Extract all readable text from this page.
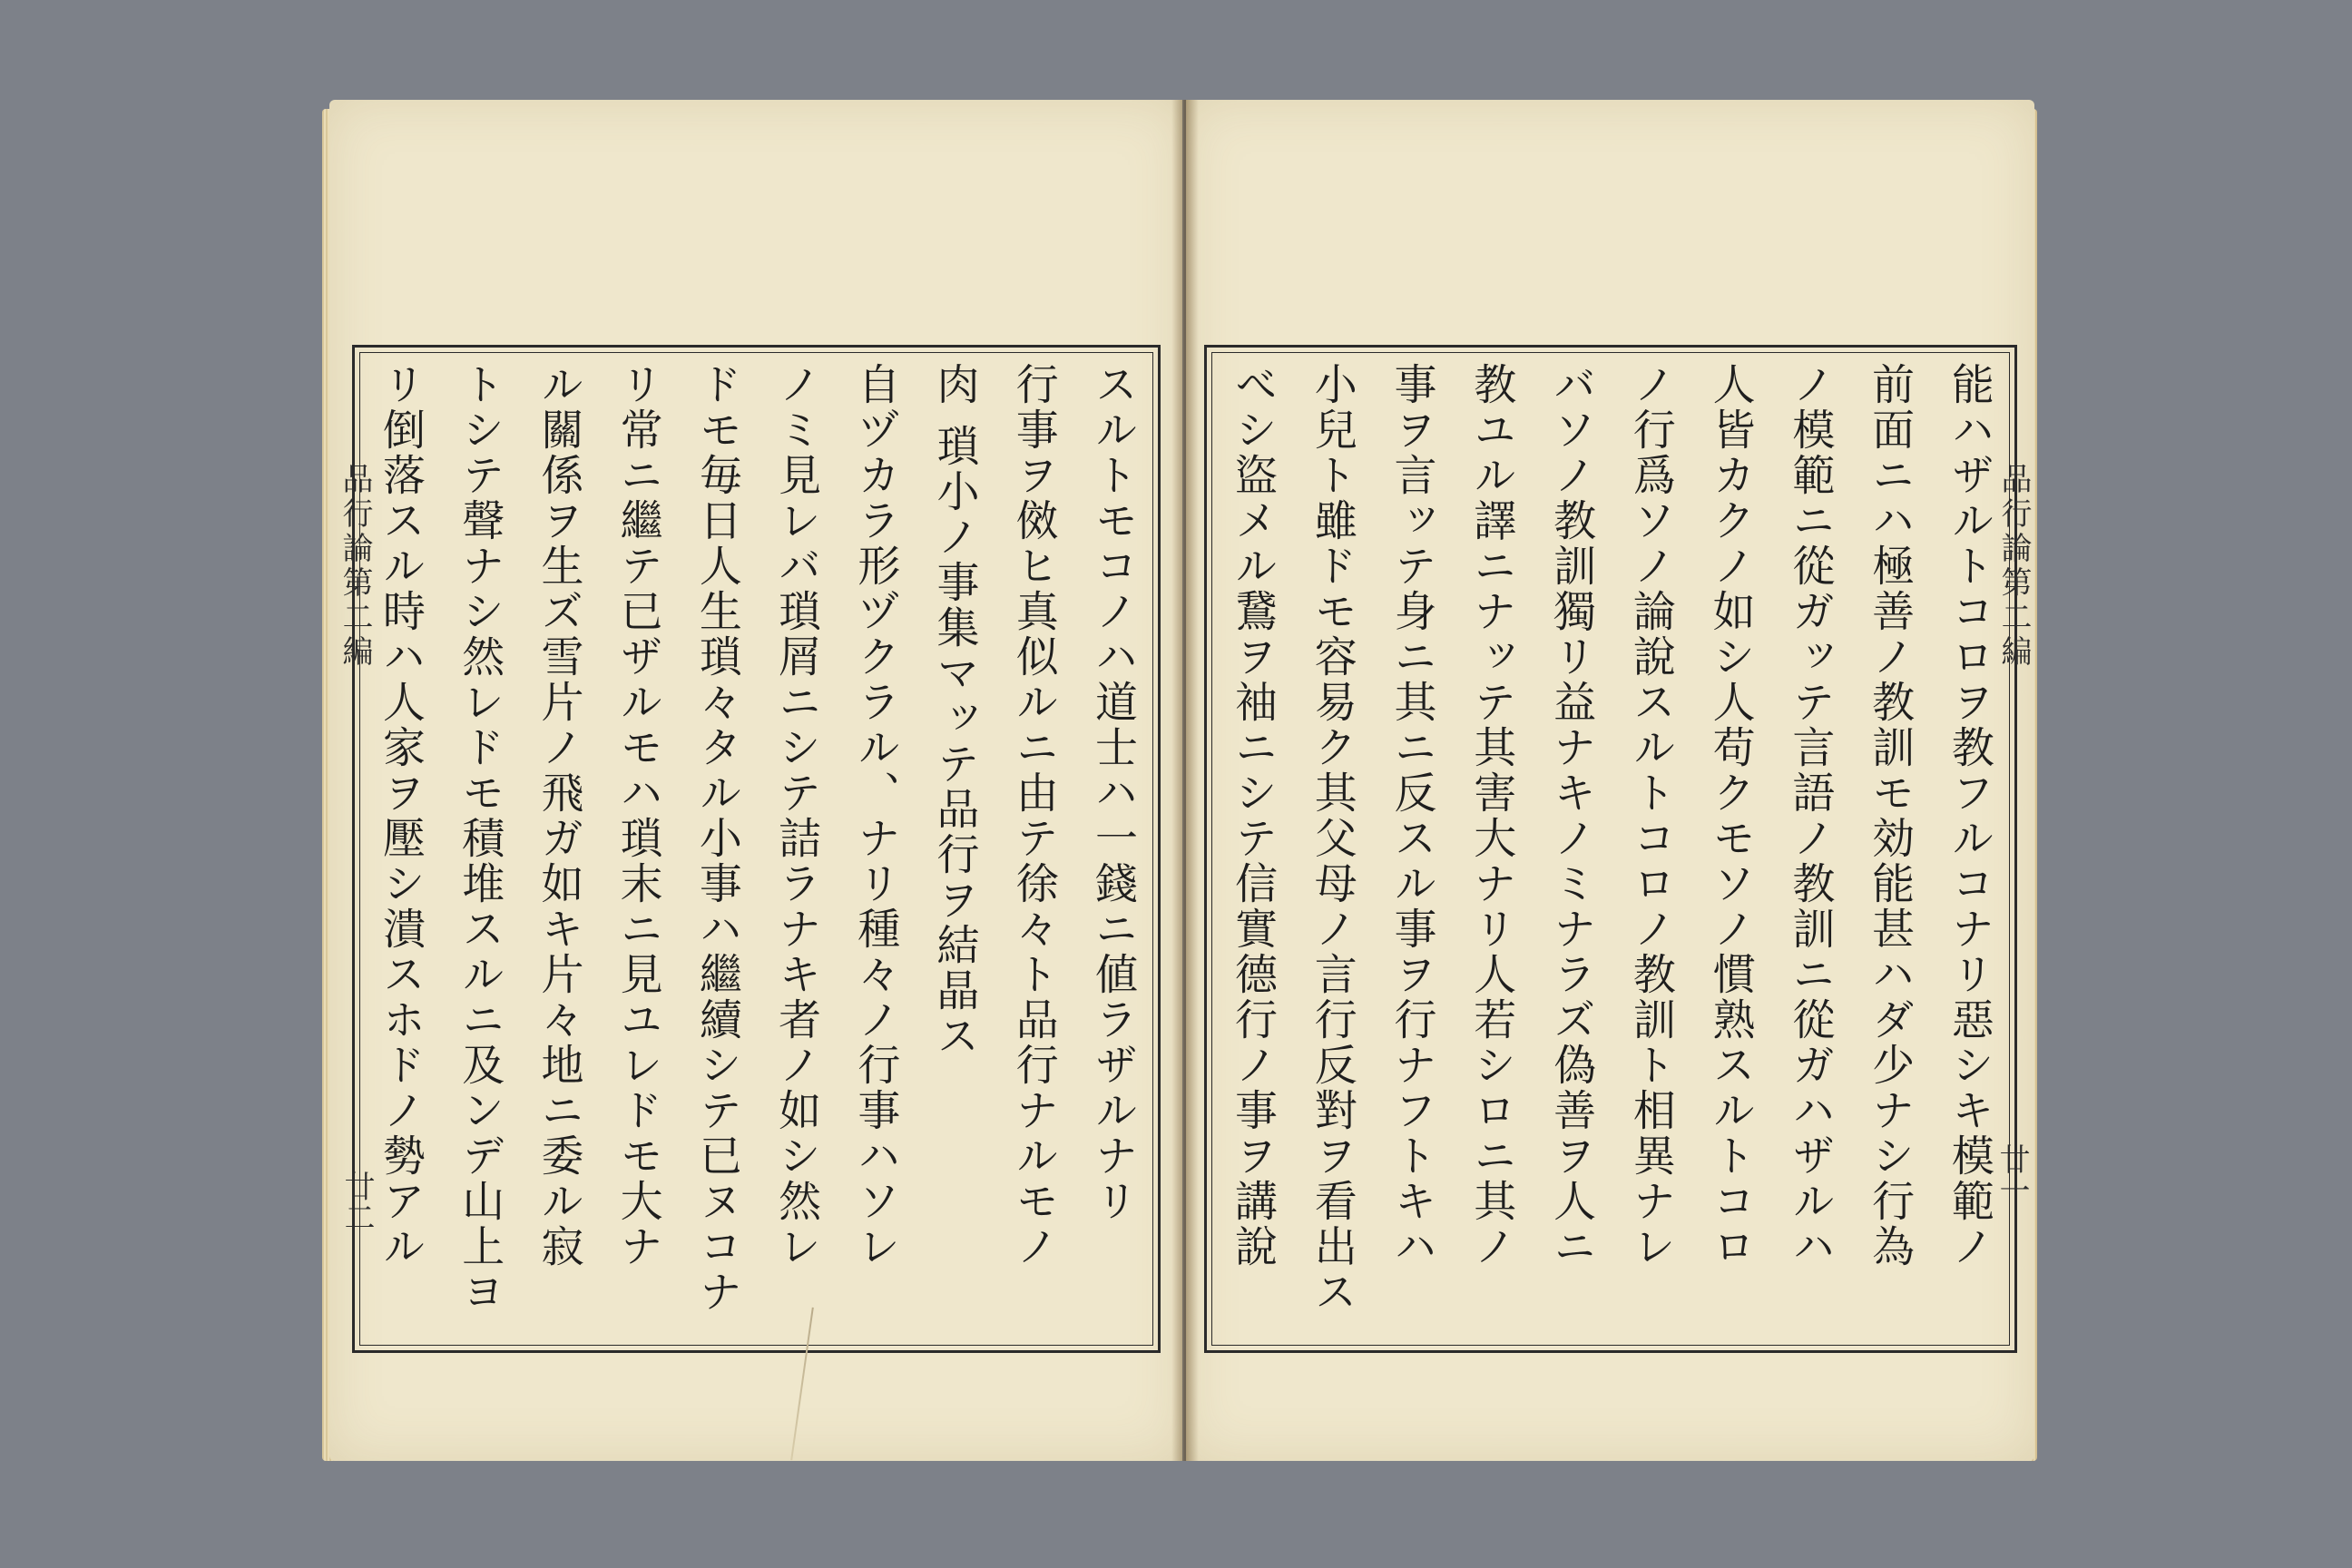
品行論第二編
廿二	スルトモコノハ道士ハ一錢ニ値ラザルナリ
行事ヲ傚ヒ真似ルニ由テ徐々ト品行ナルモノ
⾁ 瑣小ノ事集マッテ品行ヲ結晶ス
自ヅカラ形ヅクラル、ナリ種々ノ行事ハソレ
ノミ見レバ瑣屑ニシテ詰ラナキ者ノ如シ然レ
ドモ毎日人生瑣々タル小事ハ繼續シテ已ヌコナ
リ常ニ繼テ已ザルモハ瑣末ニ見ユレドモ大ナ
ル關係ヲ生ズ雪片ノ飛ガ如キ片々地ニ委ル寂
トシテ聲ナシ然レドモ積堆スルニ及ンデ山上ヨ
リ倒落スル時ハ人家ヲ壓シ潰スホドノ勢アル	品行論第二編
廿一
能ハザルトコロヲ教フルコナリ惡シキ模範ノ
前面ニハ極善ノ教訓モ効能甚ハダ少ナシ行為
ノ模範ニ從ガッテ言語ノ教訓ニ從ガハザルハ
人皆カクノ如シ人苟クモソノ慣熟スルトコロ
ノ行爲ソノ論說スルトコロノ教訓ト相異ナレ
バソノ教訓獨リ益ナキノミナラズ偽善ヲ人ニ
教ユル譯ニナッテ其害大ナリ人若シロニ其ノ
事ヲ言ッテ身ニ其ニ反スル事ヲ行ナフトキハ
小兒ト雖ドモ容易ク其父母ノ言行反對ヲ看出ス
べシ盜メル鵞ヲ袖ニシテ信實德行ノ事ヲ講說
